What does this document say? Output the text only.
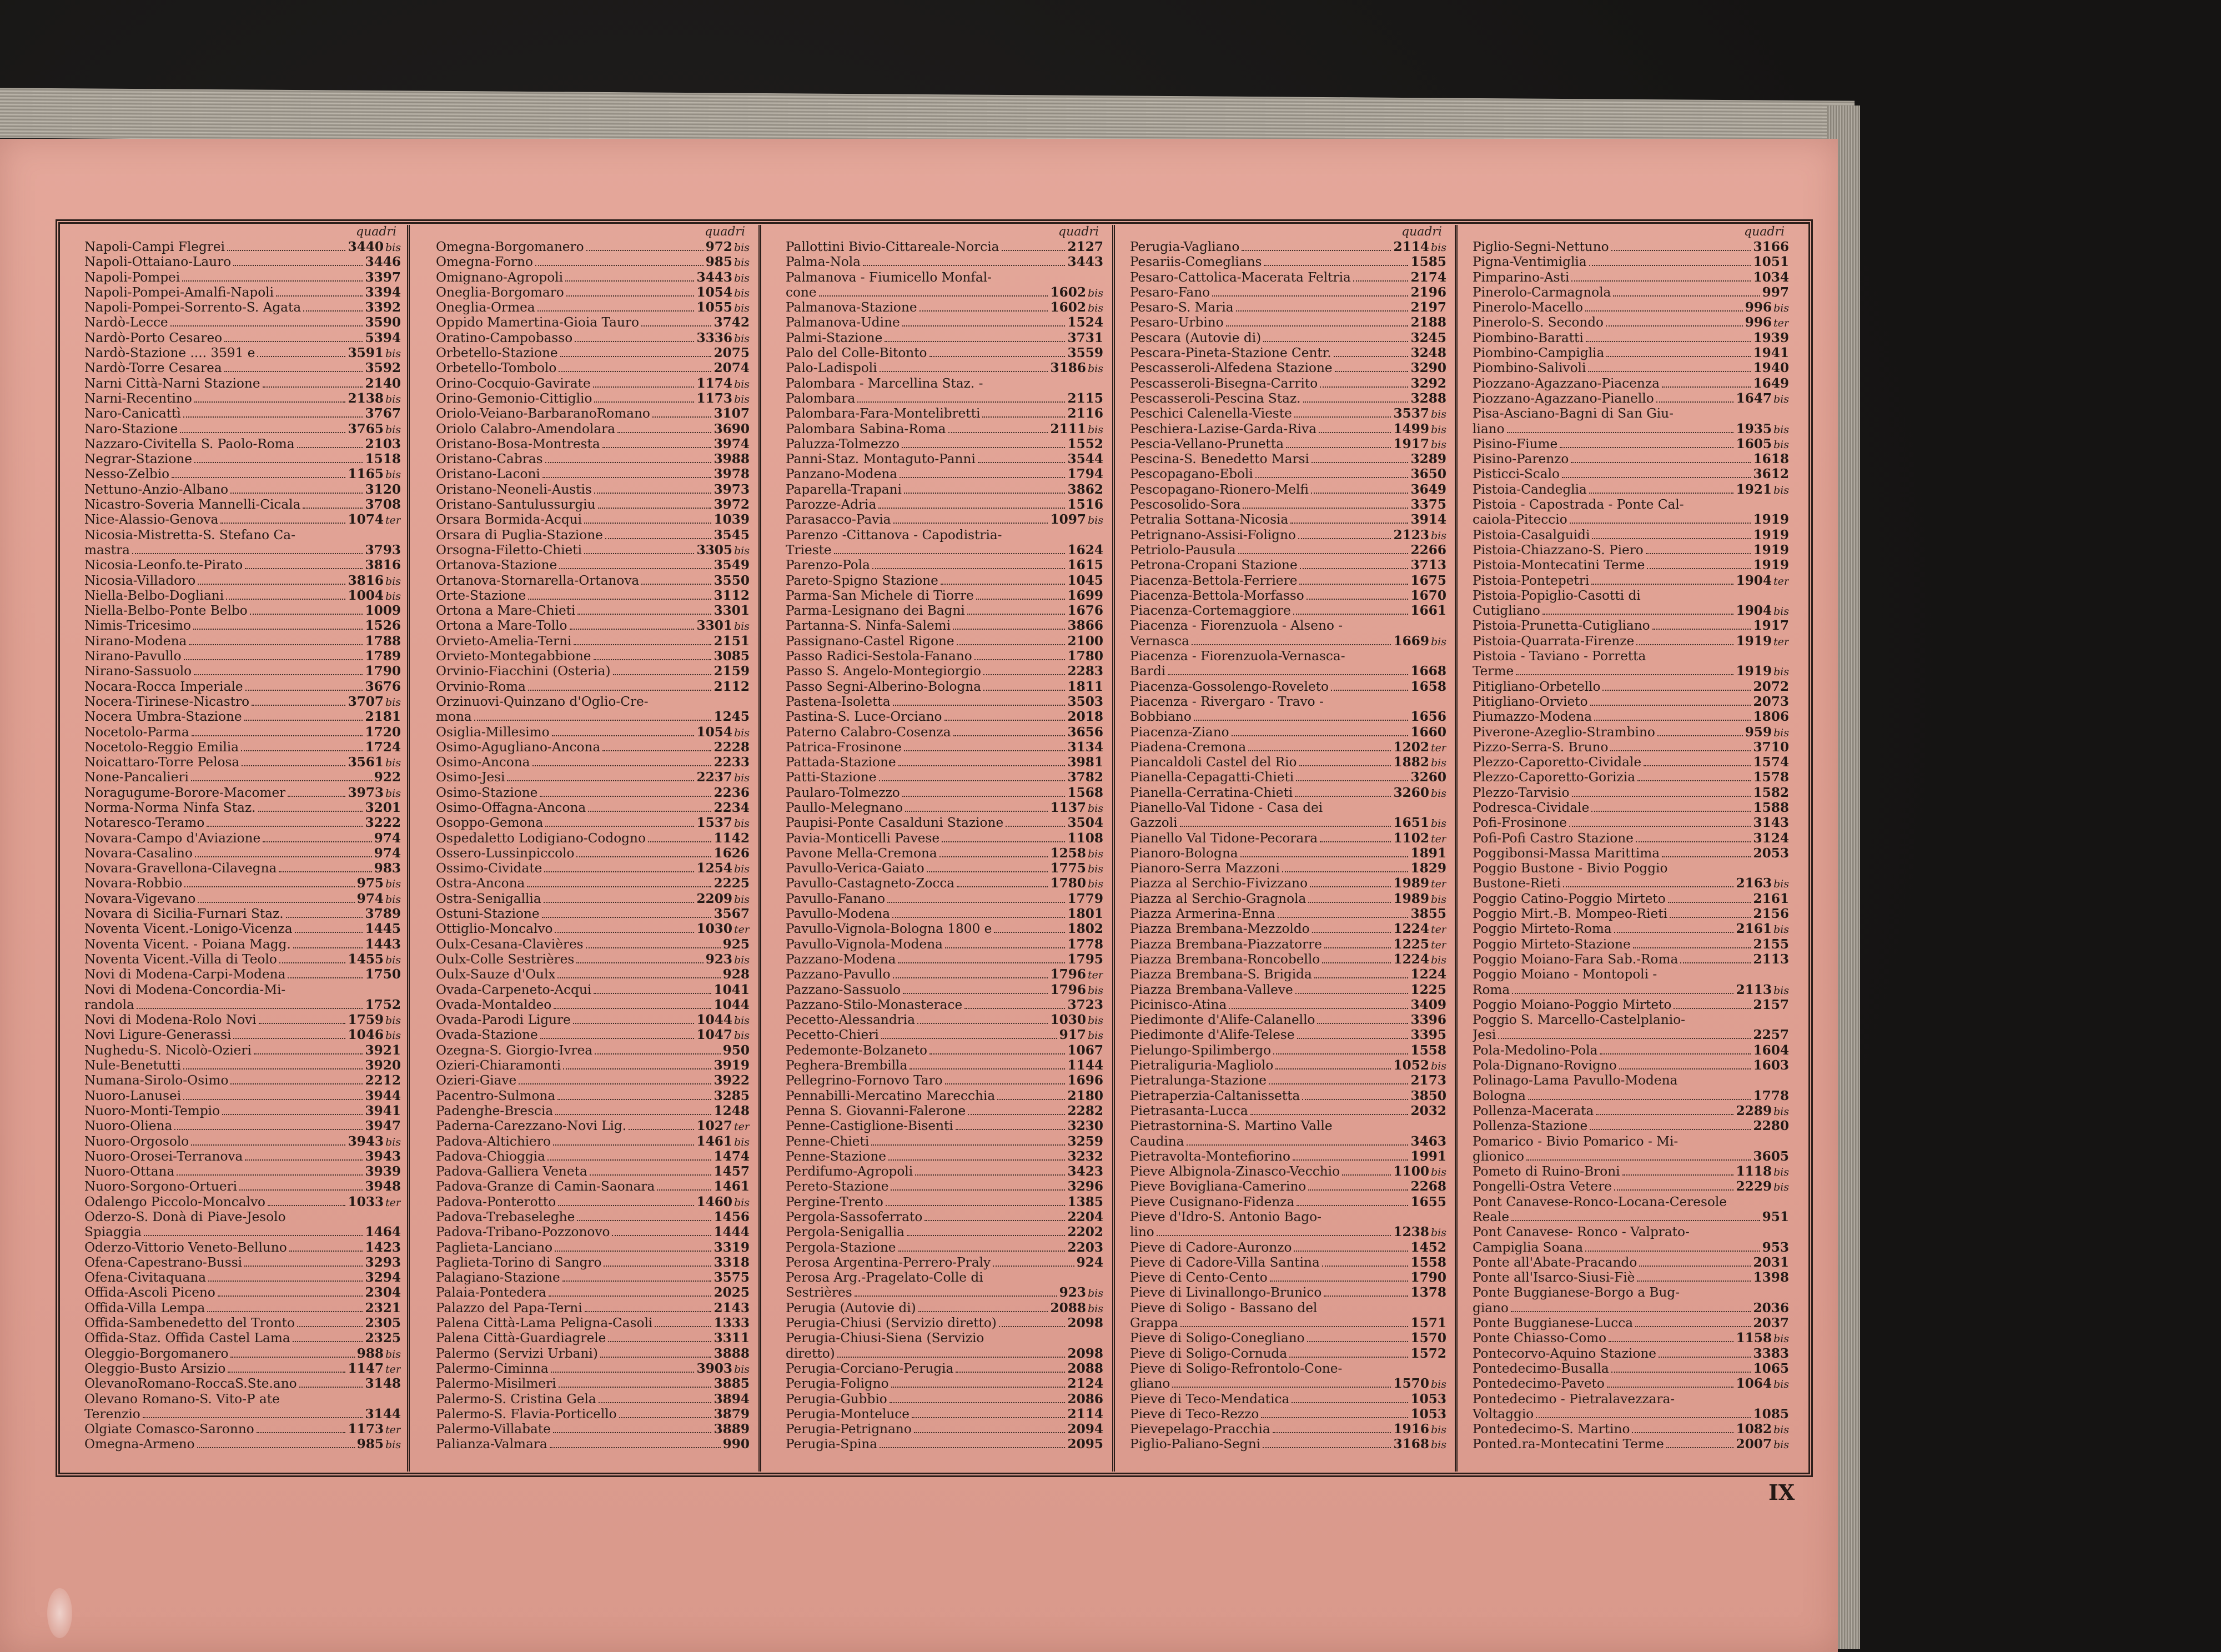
quadri
Napoli-Campi Flegrei	3440 bis
Napoli-Ottaiano-Lauro	3446
Napoli-Pompei	3397
Napoli-Pompei-Amalfi-Napoli	3394
Napoli-Pompei-Sorrento-S. Agata	3392
Nardò-Lecce	3590
Nardò-Porto Cesareo	5394
Nardò-Stazione .... 3591 e	3591 bis
Nardò-Torre Cesarea	3592
Narni Città-Narni Stazione	2140
Narni-Recentino	2138 bis
Naro-Canicattì	3767
Naro-Stazione	3765 bis
Nazzaro-Civitella S. Paolo-Roma	2103
Negrar-Stazione	1518
Nesso-Zelbio	1165 bis
Nettuno-Anzio-Albano	3120
Nicastro-Soveria Mannelli-Cicala	3708
Nice-Alassio-Genova	1074 ter
Nicosia-Mistretta-S. Stefano Ca-
mastra	3793
Nicosia-Leonfo.te-Pirato	3816
Nicosia-Villadoro	3816 bis
Niella-Belbo-Dogliani	1004 bis
Niella-Belbo-Ponte Belbo	1009
Nimis-Tricesimo	1526
Nirano-Modena	1788
Nirano-Pavullo	1789
Nirano-Sassuolo	1790
Nocara-Rocca Imperiale	3676
Nocera-Tirinese-Nicastro	3707 bis
Nocera Umbra-Stazione	2181
Nocetolo-Parma	1720
Nocetolo-Reggio Emilia	1724
Noicattaro-Torre Pelosa	3561 bis
None-Pancalieri	922
Noragugume-Borore-Macomer	3973 bis
Norma-Norma Ninfa Staz.	3201
Notaresco-Teramo	3222
Novara-Campo d'Aviazione	974
Novara-Casalino	974
Novara-Gravellona-Cilavegna	983
Novara-Robbio	975 bis
Novara-Vigevano	974 bis
Novara di Sicilia-Furnari Staz.	3789
Noventa Vicent.-Lonigo-Vicenza	1445
Noventa Vicent. - Poiana Magg.	1443
Noventa Vicent.-Villa di Teolo	1455 bis
Novi di Modena-Carpi-Modena	1750
Novi di Modena-Concordia-Mi-
randola	1752
Novi di Modena-Rolo Novi	1759 bis
Novi Ligure-Generassi	1046 bis
Nughedu-S. Nicolò-Ozieri	3921
Nule-Benetutti	3920
Numana-Sirolo-Osimo	2212
Nuoro-Lanusei	3944
Nuoro-Monti-Tempio	3941
Nuoro-Oliena	3947
Nuoro-Orgosolo	3943 bis
Nuoro-Orosei-Terranova	3943
Nuoro-Ottana	3939
Nuoro-Sorgono-Ortueri	3948
Odalengo Piccolo-Moncalvo	1033 ter
Oderzo-S. Donà di Piave-Jesolo
Spiaggia	1464
Oderzo-Vittorio Veneto-Belluno	1423
Ofena-Capestrano-Bussi	3293
Ofena-Civitaquana	3294
Offida-Ascoli Piceno	2304
Offida-Villa Lempa	2321
Offida-Sambenedetto del Tronto	2305
Offida-Staz. Offida Castel Lama	2325
Oleggio-Borgomanero	988 bis
Oleggio-Busto Arsizio	1147 ter
OlevanoRomano-RoccaS.Ste.ano	3148
Olevano Romano-S. Vito-P ate
Terenzio	3144
Olgiate Comasco-Saronno	1173 ter
Omegna-Armeno	985 bis
quadri
Omegna-Borgomanero	972 bis
Omegna-Forno	985 bis
Omignano-Agropoli	3443 bis
Oneglia-Borgomaro	1054 bis
Oneglia-Ormea	1055 bis
Oppido Mamertina-Gioia Tauro	3742
Oratino-Campobasso	3336 bis
Orbetello-Stazione	2075
Orbetello-Tombolo	2074
Orino-Cocquio-Gavirate	1174 bis
Orino-Gemonio-Cittiglio	1173 bis
Oriolo-Veiano-BarbaranoRomano	3107
Oriolo Calabro-Amendolara	3690
Oristano-Bosa-Montresta	3974
Oristano-Cabras	3988
Oristano-Laconi	3978
Oristano-Neoneli-Austis	3973
Oristano-Santulussurgiu	3972
Orsara Bormida-Acqui	1039
Orsara di Puglia-Stazione	3545
Orsogna-Filetto-Chieti	3305 bis
Ortanova-Stazione	3549
Ortanova-Stornarella-Ortanova	3550
Orte-Stazione	3112
Ortona a Mare-Chieti	3301
Ortona a Mare-Tollo	3301 bis
Orvieto-Amelia-Terni	2151
Orvieto-Montegabbione	3085
Orvinio-Fiacchini (Osteria)	2159
Orvinio-Roma	2112
Orzinuovi-Quinzano d'Oglio-Cre-
mona	1245
Osiglia-Millesimo	1054 bis
Osimo-Agugliano-Ancona	2228
Osimo-Ancona	2233
Osimo-Jesi	2237 bis
Osimo-Stazione	2236
Osimo-Offagna-Ancona	2234
Osoppo-Gemona	1537 bis
Ospedaletto Lodigiano-Codogno	1142
Ossero-Lussinpiccolo	1626
Ossimo-Cividate	1254 bis
Ostra-Ancona	2225
Ostra-Senigallia	2209 bis
Ostuni-Stazione	3567
Ottiglio-Moncalvo	1030 ter
Oulx-Cesana-Clavières	925
Oulx-Colle Sestrières	923 bis
Oulx-Sauze d'Oulx	928
Ovada-Carpeneto-Acqui	1041
Ovada-Montaldeo	1044
Ovada-Parodi Ligure	1044 bis
Ovada-Stazione	1047 bis
Ozegna-S. Giorgio-Ivrea	950
Ozieri-Chiaramonti	3919
Ozieri-Giave	3922
Pacentro-Sulmona	3285
Padenghe-Brescia	1248
Paderna-Carezzano-Novi Lig.	1027 ter
Padova-Altichiero	1461 bis
Padova-Chioggia	1474
Padova-Galliera Veneta	1457
Padova-Granze di Camin-Saonara	1461
Padova-Ponterotto	1460 bis
Padova-Trebaseleghe	1456
Padova-Tribano-Pozzonovo	1444
Paglieta-Lanciano	3319
Paglieta-Torino di Sangro	3318
Palagiano-Stazione	3575
Palaia-Pontedera	2025
Palazzo del Papa-Terni	2143
Palena Città-Lama Peligna-Casoli	1333
Palena Città-Guardiagrele	3311
Palermo (Servizi Urbani)	3888
Palermo-Ciminna	3903 bis
Palermo-Misilmeri	3885
Palermo-S. Cristina Gela	3894
Palermo-S. Flavia-Porticello	3879
Palermo-Villabate	3889
Palianza-Valmara	990
quadri
Pallottini Bivio-Cittareale-Norcia	2127
Palma-Nola	3443
Palmanova - Fiumicello Monfal-
cone	1602 bis
Palmanova-Stazione	1602 bis
Palmanova-Udine	1524
Palmi-Stazione	3731
Palo del Colle-Bitonto	3559
Palo-Ladispoli	3186 bis
Palombara - Marcellina Staz. -
Palombara	2115
Palombara-Fara-Montelibretti	2116
Palombara Sabina-Roma	2111 bis
Paluzza-Tolmezzo	1552
Panni-Staz. Montaguto-Panni	3544
Panzano-Modena	1794
Paparella-Trapani	3862
Parozze-Adria	1516
Parasacco-Pavia	1097 bis
Parenzo -Cittanova - Capodistria-
Trieste	1624
Parenzo-Pola	1615
Pareto-Spigno Stazione	1045
Parma-San Michele di Tiorre	1699
Parma-Lesignano dei Bagni	1676
Partanna-S. Ninfa-Salemi	3866
Passignano-Castel Rigone	2100
Passo Radici-Sestola-Fanano	1780
Passo S. Angelo-Montegiorgio	2283
Passo Segni-Alberino-Bologna	1811
Pastena-Isoletta	3503
Pastina-S. Luce-Orciano	2018
Paterno Calabro-Cosenza	3656
Patrica-Frosinone	3134
Pattada-Stazione	3981
Patti-Stazione	3782
Paularo-Tolmezzo	1568
Paullo-Melegnano	1137 bis
Paupisi-Ponte Casalduni Stazione	3504
Pavia-Monticelli Pavese	1108
Pavone Mella-Cremona	1258 bis
Pavullo-Verica-Gaiato	1775 bis
Pavullo-Castagneto-Zocca	1780 bis
Pavullo-Fanano	1779
Pavullo-Modena	1801
Pavullo-Vignola-Bologna 1800 e	1802
Pavullo-Vignola-Modena	1778
Pazzano-Modena	1795
Pazzano-Pavullo	1796 ter
Pazzano-Sassuolo	1796 bis
Pazzano-Stilo-Monasterace	3723
Pecetto-Alessandria	1030 bis
Pecetto-Chieri	917 bis
Pedemonte-Bolzaneto	1067
Peghera-Brembilla	1144
Pellegrino-Fornovo Taro	1696
Pennabilli-Mercatino Marecchia	2180
Penna S. Giovanni-Falerone	2282
Penne-Castiglione-Bisenti	3230
Penne-Chieti	3259
Penne-Stazione	3232
Perdifumo-Agropoli	3423
Pereto-Stazione	3296
Pergine-Trento	1385
Pergola-Sassoferrato	2204
Pergola-Senigallia	2202
Pergola-Stazione	2203
Perosa Argentina-Perrero-Praly	924
Perosa Arg.-Pragelato-Colle di
Sestrières	923 bis
Perugia (Autovie di)	2088 bis
Perugia-Chiusi (Servizio diretto)	2098
Perugia-Chiusi-Siena (Servizio
diretto)	2098
Perugia-Corciano-Perugia	2088
Perugia-Foligno	2124
Perugia-Gubbio	2086
Perugia-Monteluce	2114
Perugia-Petrignano	2094
Perugia-Spina	2095
quadri
Perugia-Vagliano	2114 bis
Pesariis-Comeglians	1585
Pesaro-Cattolica-Macerata Feltria	2174
Pesaro-Fano	2196
Pesaro-S. Maria	2197
Pesaro-Urbino	2188
Pescara (Autovie di)	3245
Pescara-Pineta-Stazione Centr.	3248
Pescasseroli-Alfedena Stazione	3290
Pescasseroli-Bisegna-Carrito	3292
Pescasseroli-Pescina Staz.	3288
Peschici Calenella-Vieste	3537 bis
Peschiera-Lazise-Garda-Riva	1499 bis
Pescia-Vellano-Prunetta	1917 bis
Pescina-S. Benedetto Marsi	3289
Pescopagano-Eboli	3650
Pescopagano-Rionero-Melfi	3649
Pescosolido-Sora	3375
Petralia Sottana-Nicosia	3914
Petrignano-Assisi-Foligno	2123 bis
Petriolo-Pausula	2266
Petrona-Cropani Stazione	3713
Piacenza-Bettola-Ferriere	1675
Piacenza-Bettola-Morfasso	1670
Piacenza-Cortemaggiore	1661
Piacenza - Fiorenzuola - Alseno -
Vernasca	1669 bis
Piacenza - Fiorenzuola-Vernasca-
Bardi	1668
Piacenza-Gossolengo-Roveleto	1658
Piacenza - Rivergaro - Travo -
Bobbiano	1656
Piacenza-Ziano	1660
Piadena-Cremona	1202 ter
Piancaldoli Castel del Rio	1882 bis
Pianella-Cepagatti-Chieti	3260
Pianella-Cerratina-Chieti	3260 bis
Pianello-Val Tidone - Casa dei
Gazzoli	1651 bis
Pianello Val Tidone-Pecorara	1102 ter
Pianoro-Bologna	1891
Pianoro-Serra Mazzoni	1829
Piazza al Serchio-Fivizzano	1989 ter
Piazza al Serchio-Gragnola	1989 bis
Piazza Armerina-Enna	3855
Piazza Brembana-Mezzoldo	1224 ter
Piazza Brembana-Piazzatorre	1225 ter
Piazza Brembana-Roncobello	1224 bis
Piazza Brembana-S. Brigida	1224
Piazza Brembana-Valleve	1225
Picinisco-Atina	3409
Piedimonte d'Alife-Calanello	3396
Piedimonte d'Alife-Telese	3395
Pielungo-Spilimbergo	1558
Pietraliguria-Magliolo	1052 bis
Pietralunga-Stazione	2173
Pietraperzia-Caltanissetta	3850
Pietrasanta-Lucca	2032
Pietrastornina-S. Martino Valle
Caudina	3463
Pietravolta-Montefiorino	1991
Pieve Albignola-Zinasco-Vecchio	1100 bis
Pieve Bovigliana-Camerino	2268
Pieve Cusignano-Fidenza	1655
Pieve d'Idro-S. Antonio Bago-
lino	1238 bis
Pieve di Cadore-Auronzo	1452
Pieve di Cadore-Villa Santina	1558
Pieve di Cento-Cento	1790
Pieve di Livinallongo-Brunico	1378
Pieve di Soligo - Bassano del
Grappa	1571
Pieve di Soligo-Conegliano	1570
Pieve di Soligo-Cornuda	1572
Pieve di Soligo-Refrontolo-Cone-
gliano	1570 bis
Pieve di Teco-Mendatica	1053
Pieve di Teco-Rezzo	1053
Pievepelago-Pracchia	1916 bis
Piglio-Paliano-Segni	3168 bis
quadri
Piglio-Segni-Nettuno	3166
Pigna-Ventimiglia	1051
Pimparino-Asti	1034
Pinerolo-Carmagnola	997
Pinerolo-Macello	996 bis
Pinerolo-S. Secondo	996 ter
Piombino-Baratti	1939
Piombino-Campiglia	1941
Piombino-Salivoli	1940
Piozzano-Agazzano-Piacenza	1649
Piozzano-Agazzano-Pianello	1647 bis
Pisa-Asciano-Bagni di San Giu-
liano	1935 bis
Pisino-Fiume	1605 bis
Pisino-Parenzo	1618
Pisticci-Scalo	3612
Pistoia-Candeglia	1921 bis
Pistoia - Capostrada - Ponte Cal-
caiola-Piteccio	1919
Pistoia-Casalguidi	1919
Pistoia-Chiazzano-S. Piero	1919
Pistoia-Montecatini Terme	1919
Pistoia-Pontepetri	1904 ter
Pistoia-Popiglio-Casotti di
Cutigliano	1904 bis
Pistoia-Prunetta-Cutigliano	1917
Pistoia-Quarrata-Firenze	1919 ter
Pistoia - Taviano - Porretta
Terme	1919 bis
Pitigliano-Orbetello	2072
Pitigliano-Orvieto	2073
Piumazzo-Modena	1806
Piverone-Azeglio-Strambino	959 bis
Pizzo-Serra-S. Bruno	3710
Plezzo-Caporetto-Cividale	1574
Plezzo-Caporetto-Gorizia	1578
Plezzo-Tarvisio	1582
Podresca-Cividale	1588
Pofi-Frosinone	3143
Pofi-Pofi Castro Stazione	3124
Poggibonsi-Massa Marittima	2053
Poggio Bustone - Bivio Poggio
Bustone-Rieti	2163 bis
Poggio Catino-Poggio Mirteto	2161
Poggio Mirt.-B. Mompeo-Rieti	2156
Poggio Mirteto-Roma	2161 bis
Poggio Mirteto-Stazione	2155
Poggio Moiano-Fara Sab.-Roma	2113
Poggio Moiano - Montopoli -
Roma	2113 bis
Poggio Moiano-Poggio Mirteto	2157
Poggio S. Marcello-Castelplanio-
Jesi	2257
Pola-Medolino-Pola	1604
Pola-Dignano-Rovigno	1603
Polinago-Lama Pavullo-Modena
Bologna	1778
Pollenza-Macerata	2289 bis
Pollenza-Stazione	2280
Pomarico - Bivio Pomarico - Mi-
glionico	3605
Pometo di Ruino-Broni	1118 bis
Pongelli-Ostra Vetere	2229 bis
Pont Canavese-Ronco-Locana-Ceresole
Reale	951
Pont Canavese- Ronco - Valprato-
Campiglia Soana	953
Ponte all'Abate-Pracando	2031
Ponte all'Isarco-Siusi-Fiè	1398
Ponte Buggianese-Borgo a Bug-
giano	2036
Ponte Buggianese-Lucca	2037
Ponte Chiasso-Como	1158 bis
Pontecorvo-Aquino Stazione	3383
Pontedecimo-Busalla	1065
Pontedecimo-Paveto	1064 bis
Pontedecimo - Pietralavezzara-
Voltaggio	1085
Pontedecimo-S. Martino	1082 bis
Ponted.ra-Montecatini Terme	2007 bis
IX
